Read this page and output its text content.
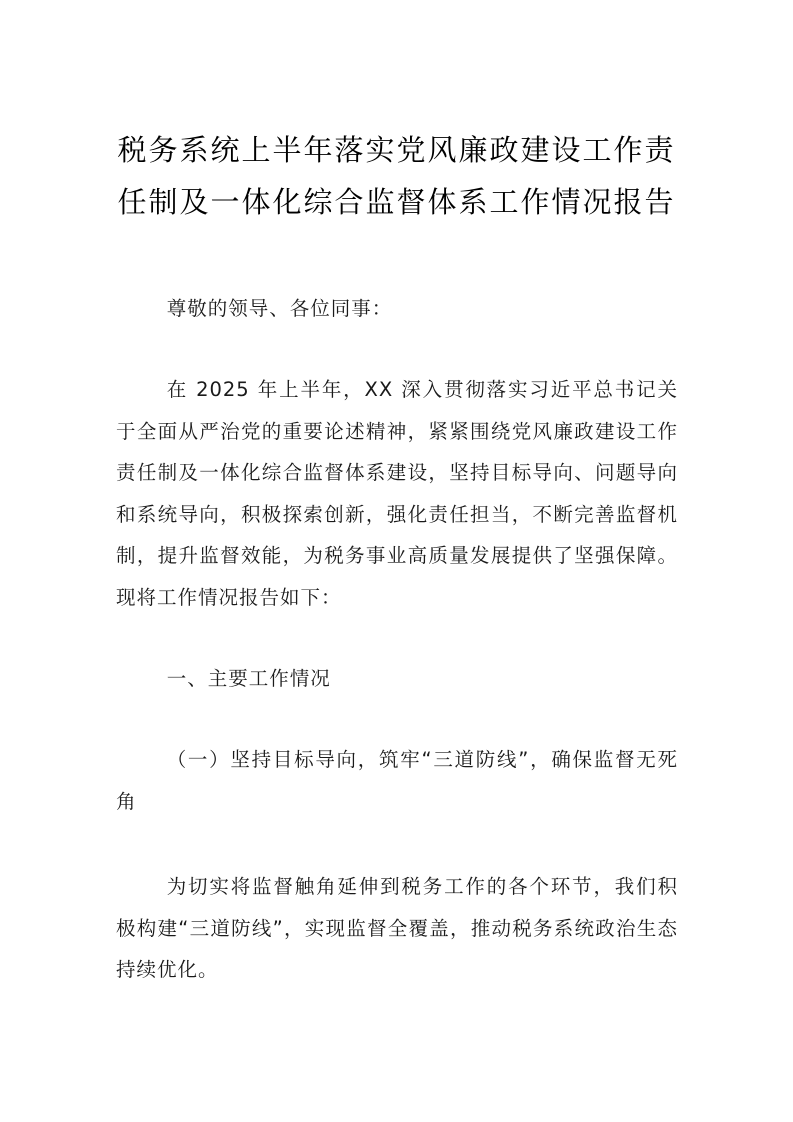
税务系统上半年落实党风廉政建设工作责
任制及一体化综合监督体系工作情况报告

尊敬的领导、各位同事：

在 2025 年上半年，XX 深入贯彻落实习近平总书记关于全面从严治党的重要论述精神，紧紧围绕党风廉政建设工作责任制及一体化综合监督体系建设，坚持目标导向、问题导向和系统导向，积极探索创新，强化责任担当，不断完善监督机制，提升监督效能，为税务事业高质量发展提供了坚强保障。现将工作情况报告如下：

一、主要工作情况

（一）坚持目标导向，筑牢“三道防线”，确保监督无死角

为切实将监督触角延伸到税务工作的各个环节，我们积极构建“三道防线”，实现监督全覆盖，推动税务系统政治生态持续优化。
